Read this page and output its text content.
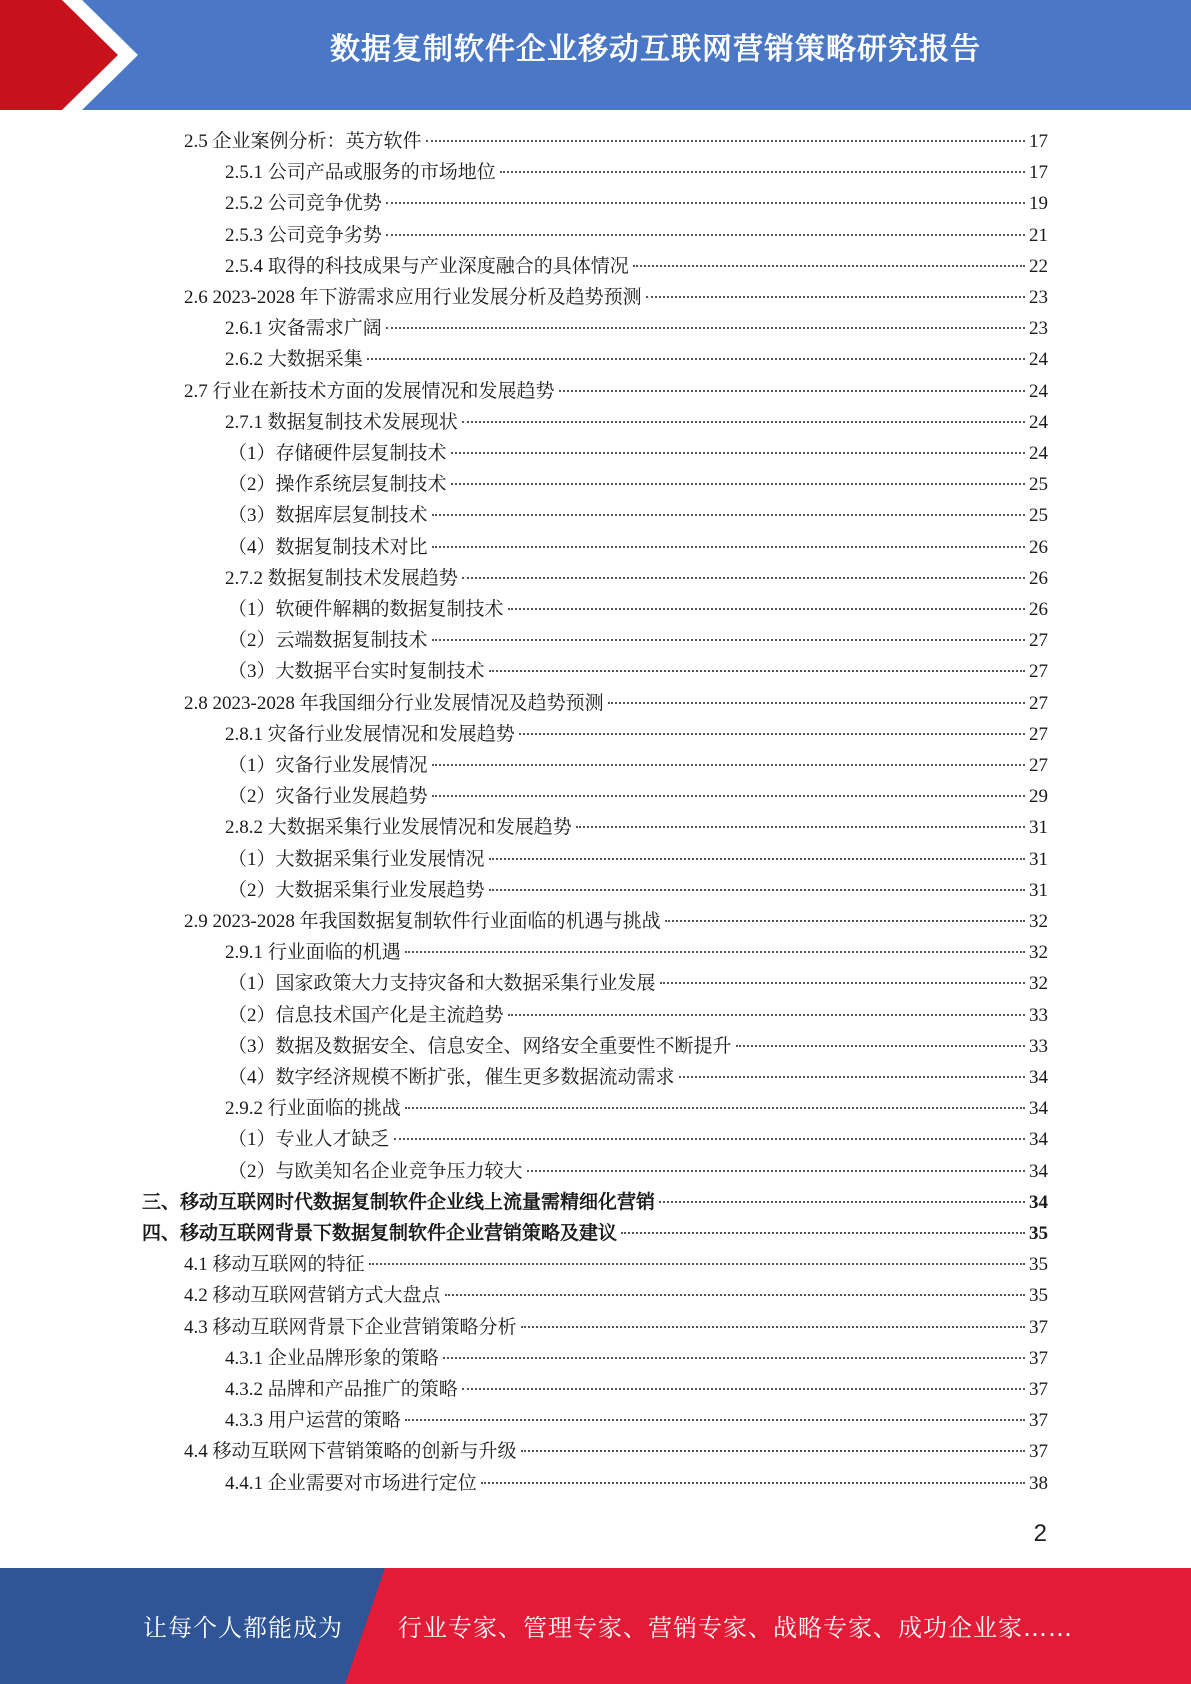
数据复制软件企业移动互联网营销策略研究报告
2.5 企业案例分析：英方软件	17
2.5.1 公司产品或服务的市场地位	17
2.5.2 公司竞争优势	19
2.5.3 公司竞争劣势	21
2.5.4 取得的科技成果与产业深度融合的具体情况	22
2.6 2023-2028 年下游需求应用行业发展分析及趋势预测	23
2.6.1 灾备需求广阔	23
2.6.2 大数据采集	24
2.7 行业在新技术方面的发展情况和发展趋势	24
2.7.1 数据复制技术发展现状	24
（1）存储硬件层复制技术	24
（2）操作系统层复制技术	25
（3）数据库层复制技术	25
（4）数据复制技术对比	26
2.7.2 数据复制技术发展趋势	26
（1）软硬件解耦的数据复制技术	26
（2）云端数据复制技术	27
（3）大数据平台实时复制技术	27
2.8 2023-2028 年我国细分行业发展情况及趋势预测	27
2.8.1 灾备行业发展情况和发展趋势	27
（1）灾备行业发展情况	27
（2）灾备行业发展趋势	29
2.8.2 大数据采集行业发展情况和发展趋势	31
（1）大数据采集行业发展情况	31
（2）大数据采集行业发展趋势	31
2.9 2023-2028 年我国数据复制软件行业面临的机遇与挑战	32
2.9.1 行业面临的机遇	32
（1）国家政策大力支持灾备和大数据采集行业发展	32
（2）信息技术国产化是主流趋势	33
（3）数据及数据安全、信息安全、网络安全重要性不断提升	33
（4）数字经济规模不断扩张，催生更多数据流动需求	34
2.9.2 行业面临的挑战	34
（1）专业人才缺乏	34
（2）与欧美知名企业竞争压力较大	34
三、移动互联网时代数据复制软件企业线上流量需精细化营销	34
四、移动互联网背景下数据复制软件企业营销策略及建议	35
4.1 移动互联网的特征	35
4.2 移动互联网营销方式大盘点	35
4.3 移动互联网背景下企业营销策略分析	37
4.3.1 企业品牌形象的策略	37
4.3.2 品牌和产品推广的策略	37
4.3.3 用户运营的策略	37
4.4 移动互联网下营销策略的创新与升级	37
4.4.1 企业需要对市场进行定位	38
2
让每个人都能成为 行业专家、管理专家、营销专家、战略专家、成功企业家……
